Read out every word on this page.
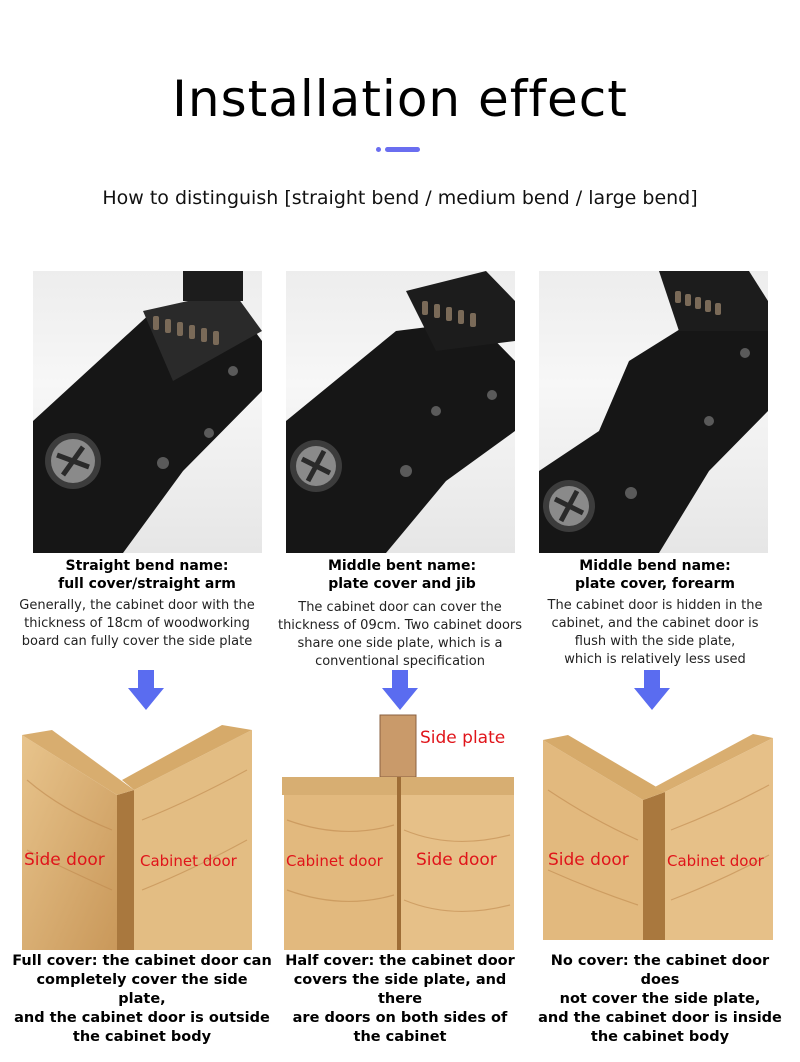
Installation effect
How to distinguish [straight bend / medium bend / large bend]
Straight bend name:
full cover/straight arm
Generally, the cabinet door with the
thickness of 18cm of woodworking
board can fully cover the side plate
Side door Cabinet door
Full cover: the cabinet door can
completely cover the side plate,
and the cabinet door is outside
the cabinet body
Middle bent name:
plate cover and jib
The cabinet door can cover the
thickness of 09cm. Two cabinet doors
share one side plate, which is a
conventional specification
Side plate
Cabinet door Side door
Half cover: the cabinet door
covers the side plate, and there
are doors on both sides of
the cabinet
Middle bend name:
plate cover, forearm
The cabinet door is hidden in the
cabinet, and the cabinet door is
flush with the side plate,
which is relatively less used
Side door	Cabinet door
No cover: the cabinet door does
not cover the side plate,
and the cabinet door is inside
the cabinet body
